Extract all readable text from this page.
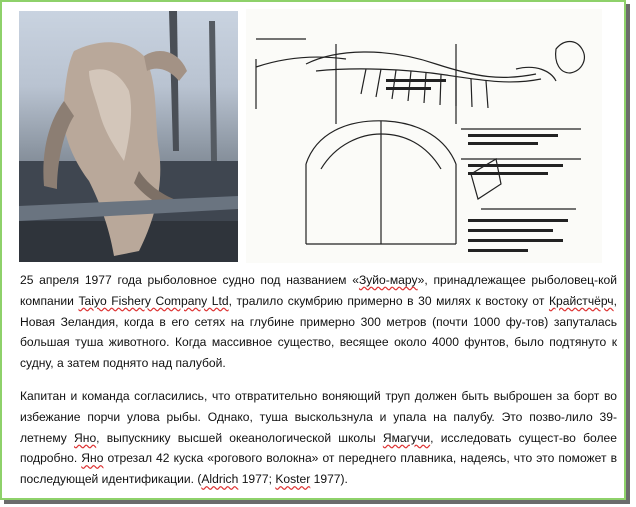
25 апреля 1977 года рыболовное судно под названием «Зуйо-мару», принадлежащее рыболовец-кой компании Taiyo Fishery Company Ltd, тралило скумбрию примерно в 30 милях к востоку от Крайстчёрч, Новая Зеландия, когда в его сетях на глубине примерно 300 метров (почти 1000 фу-тов) запуталась большая туша животного. Когда массивное существо, весящее около 4000 фунтов, было подтянуто к судну, а затем поднято над палубой.

Капитан и команда согласились, что отвратительно воняющий труп должен быть выброшен за борт во избежание порчи улова рыбы. Однако, туша выскользнула и упала на палубу. Это позво-лило 39-летнему Яно, выпускнику высшей океанологической школы Ямагучи, исследовать сущест-во более подробно. Яно отрезал 42 куска «рогового волокна» от переднего плавника, надеясь, что это поможет в последующей идентификации. (Aldrich 1977; Koster 1977).
